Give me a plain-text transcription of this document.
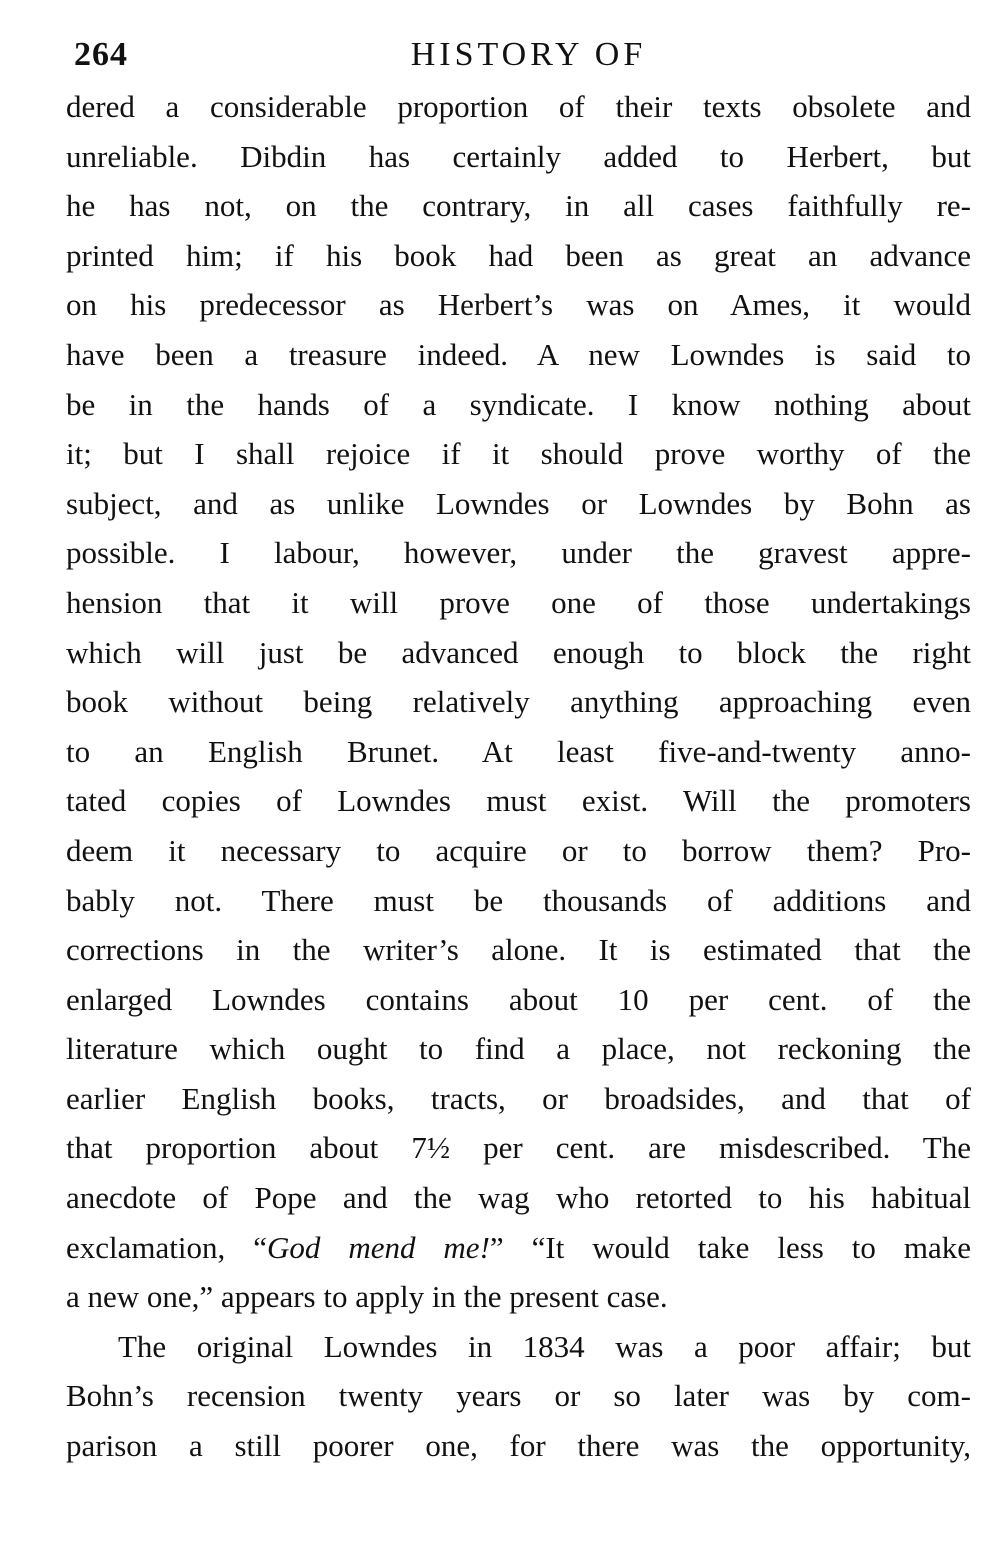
264	HISTORY OF
dered a considerable proportion of their texts obsolete and
unreliable. Dibdin has certainly added to Herbert, but
he has not, on the contrary, in all cases faithfully re-
printed him; if his book had been as great an advance
on his predecessor as Herbert’s was on Ames, it would
have been a treasure indeed. A new Lowndes is said to
be in the hands of a syndicate. I know nothing about
it; but I shall rejoice if it should prove worthy of the
subject, and as unlike Lowndes or Lowndes by Bohn as
possible. I labour, however, under the gravest appre-
hension that it will prove one of those undertakings
which will just be advanced enough to block the right
book without being relatively anything approaching even
to an English Brunet. At least five-and-twenty anno-
tated copies of Lowndes must exist. Will the promoters
deem it necessary to acquire or to borrow them? Pro-
bably not. There must be thousands of additions and
corrections in the writer’s alone. It is estimated that the
enlarged Lowndes contains about 10 per cent. of the
literature which ought to find a place, not reckoning the
earlier English books, tracts, or broadsides, and that of
that proportion about 7½ per cent. are misdescribed. The
anecdote of Pope and the wag who retorted to his habitual
exclamation, “God mend me!” “It would take less to make
a new one,” appears to apply in the present case.
The original Lowndes in 1834 was a poor affair; but
Bohn’s recension twenty years or so later was by com-
parison a still poorer one, for there was the opportunity,
